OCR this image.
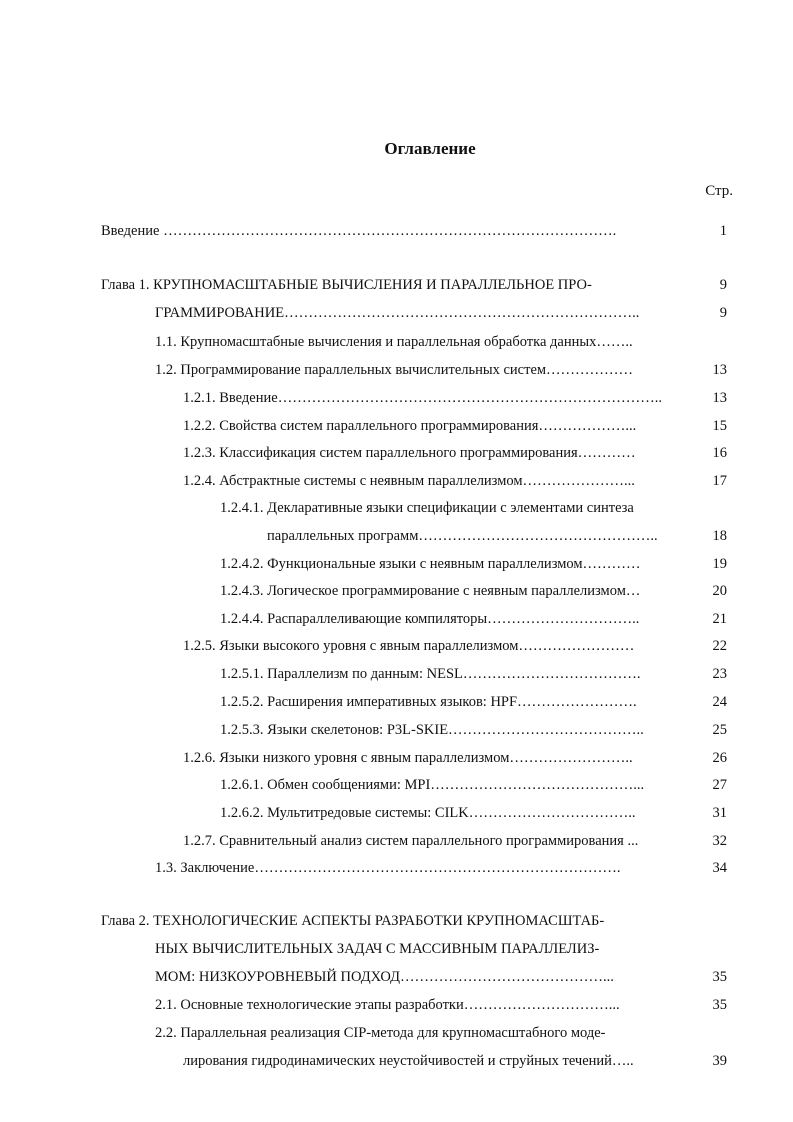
Оглавление
Стр.
Введение ………………………………………………………………………………….	1
Глава 1. КРУПНОМАСШТАБНЫЕ ВЫЧИСЛЕНИЯ И ПАРАЛЛЕЛЬНОЕ ПРО-	9
ГРАММИРОВАНИЕ………………………………………………………………..	9
1.1. Крупномасштабные вычисления и параллельная обработка данных……..
1.2. Программирование параллельных вычислительных систем………………	13
1.2.1. Введение……………………………………………………………………..	13
1.2.2. Свойства систем параллельного программирования………………...	15
1.2.3. Классификация систем параллельного программирования…………	16
1.2.4. Абстрактные системы с неявным параллелизмом…………………...	17
1.2.4.1. Декларативные языки спецификации с элементами синтеза
параллельных программ…………………………………………..	18
1.2.4.2. Функциональные языки с неявным параллелизмом…………	19
1.2.4.3. Логическое программирование с неявным параллелизмом…	20
1.2.4.4. Распараллеливающие компиляторы…………………………..	21
1.2.5. Языки высокого уровня с явным параллелизмом……………………	22
1.2.5.1. Параллелизм по данным: NESL……………………………….	23
1.2.5.2. Расширения императивных языков: HPF…………………….	24
1.2.5.3. Языки скелетонов: P3L-SKIE…………………………………..	25
1.2.6. Языки низкого уровня с явным параллелизмом……………………..	26
1.2.6.1. Обмен сообщениями: MPI……………………………………...	27
1.2.6.2. Мультитредовые системы: CILK……………………………..	31
1.2.7. Сравнительный анализ систем параллельного программирования ...	32
1.3. Заключение………………………………………………………………….	34
Глава 2. ТЕХНОЛОГИЧЕСКИЕ АСПЕКТЫ РАЗРАБОТКИ КРУПНОМАСШТАБ-
НЫХ ВЫЧИСЛИТЕЛЬНЫХ ЗАДАЧ С МАССИВНЫМ ПАРАЛЛЕЛИЗ-
МОМ: НИЗКОУРОВНЕВЫЙ ПОДХОД……………………………………...	35
2.1. Основные технологические этапы разработки…………………………...	35
2.2. Параллельная реализация CIP-метода для крупномасштабного моде-
лирования гидродинамических неустойчивостей и струйных течений…..	39
